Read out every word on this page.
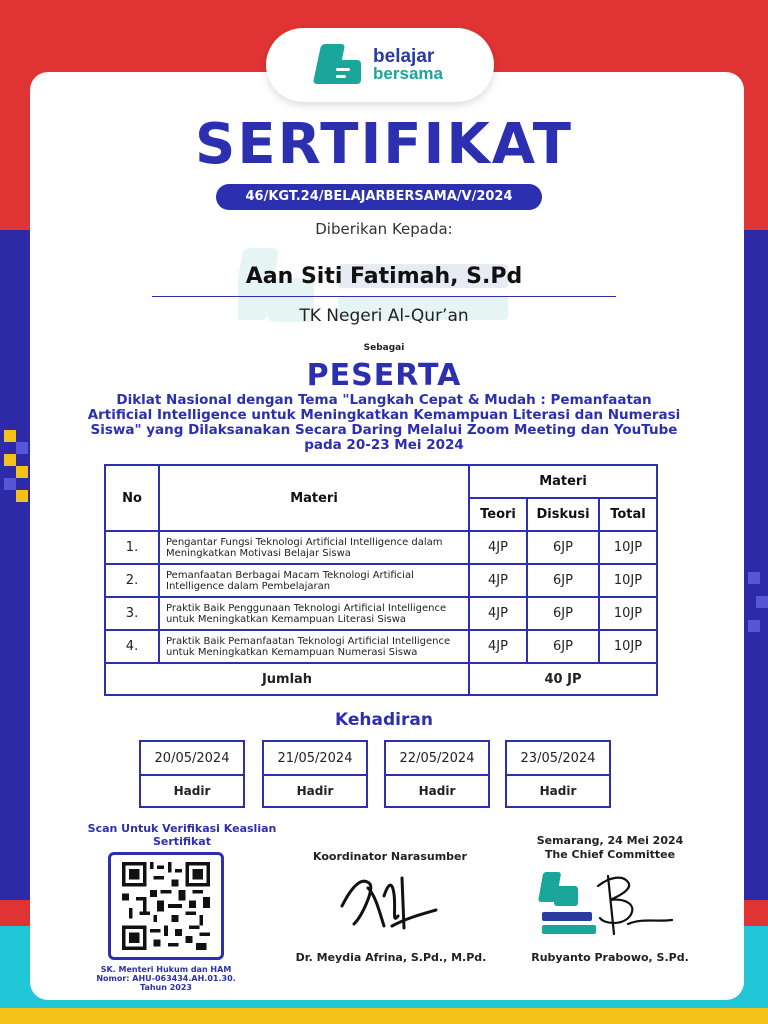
belajar
bersama
SERTIFIKAT
46/KGT.24/BELAJARBERSAMA/V/2024
Diberikan Kepada:
Aan Siti Fatimah, S.Pd
TK Negeri Al-Qur’an
Sebagai
PESERTA
Diklat Nasional dengan Tema "Langkah Cepat & Mudah : Pemanfaatan Artificial Intelligence untuk Meningkatkan Kemampuan Literasi dan Numerasi Siswa" yang Dilaksanakan Secara Daring Melalui Zoom Meeting dan YouTube pada 20-23 Mei 2024
No	Materi	Materi		
		Teori	Diskusi	Total
1.	Pengantar Fungsi Teknologi Artificial Intelligence dalam Meningkatkan Motivasi Belajar Siswa	4JP	6JP	10JP
2.	Pemanfaatan Berbagai Macam Teknologi Artificial Intelligence dalam Pembelajaran	4JP	6JP	10JP
3.	Praktik Baik Penggunaan Teknologi Artificial Intelligence untuk Meningkatkan Kemampuan Literasi Siswa	4JP	6JP	10JP
4.	Praktik Baik Pemanfaatan Teknologi Artificial Intelligence untuk Meningkatkan Kemampuan Numerasi Siswa	4JP	6JP	10JP
Jumlah		40 JP		
Kehadiran
20/05/2024
Hadir
21/05/2024
Hadir
22/05/2024
Hadir
23/05/2024
Hadir
Scan Untuk Verifikasi Keaslian Sertifikat
SK. Menteri Hukum dan HAM Nomor: AHU-063434.AH.01.30. Tahun 2023
Koordinator Narasumber
Dr. Meydia Afrina, S.Pd., M.Pd.
Semarang, 24 Mei 2024
The Chief Committee
Rubyanto Prabowo, S.Pd.
